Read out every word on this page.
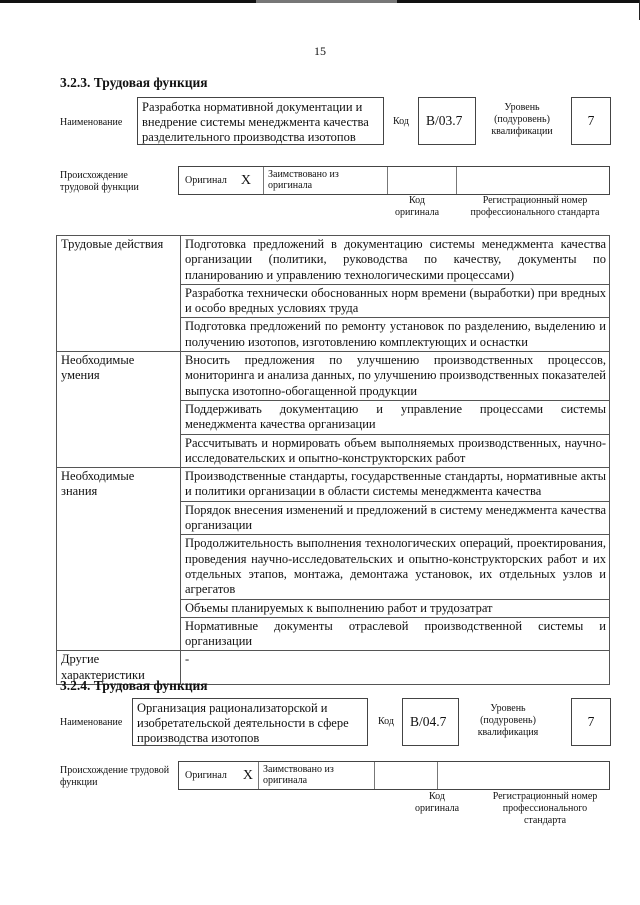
15
3.2.3. Трудовая функция
Наименование
Разработка нормативной документации и
внедрение системы менеджмента качества
разделительного производства изотопов
Код	B/03.7
Уровень
(подуровень)
квалификации
7
Происхождение
трудовой функции
Оригинал X Заимствовано из
оригинала
Код
оригинала
Регистрационный номер
профессионального стандарта
Трудовые действия	Подготовка предложений в документацию системы менеджмента качества организации (политики, руководства по качеству, документы по планированию и управлению технологическими процессами)
	Разработка технически обоснованных норм времени (выработки) при вредных и особо вредных условиях труда
	Подготовка предложений по ремонту установок по разделению, выделению и получению изотопов, изготовлению комплектующих и оснастки

Необходимые
умения	Вносить предложения по улучшению производственных процессов, мониторинга и анализа данных, по улучшению производственных показателей выпуска изотопно-обогащенной продукции
	Поддерживать документацию и управление процессами системы менеджмента качества организации
	Рассчитывать и нормировать объем выполняемых производственных, научно-исследовательских и опытно-конструкторских работ

Необходимые
знания	Производственные стандарты, государственные стандарты, нормативные акты и политики организации в области системы менеджмента качества
	Порядок внесения изменений и предложений в систему менеджмента качества организации
	Продолжительность выполнения технологических операций, проектирования, проведения научно-исследовательских и опытно-конструкторских работ и их отдельных этапов, монтажа, демонтажа установок, их отдельных узлов и агрегатов
	Объемы планируемых к выполнению работ и трудозатрат
	Нормативные документы отраслевой производственной системы и организации

Другие
характеристики	-
3.2.4. Трудовая функция
Наименование
Организация рационализаторской и
изобретательской деятельности в сфере
производства изотопов
Код	B/04.7
Уровень
(подуровень)
квалификация
7
Происхождение трудовой
функции
Оригинал X Заимствовано из
оригинала
Код
оригинала
Регистрационный номер
профессионального
стандарта
